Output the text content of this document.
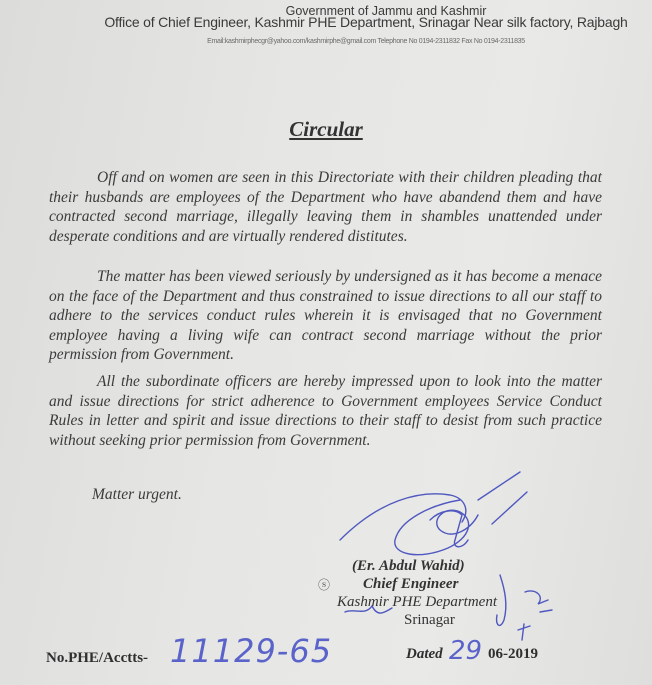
Government of Jammu and Kashmir
Office of Chief Engineer, Kashmir PHE Department, Srinagar Near silk factory, Rajbagh
Email:kashmirphecgr@yahoo.com/kashmirphe@gmail.com Telephone No 0194-2311832 Fax No 0194-2311835
Circular

Off and on women are seen in this Directoriate with their children pleading that their husbands are employees of the Department who have abandend them and have contracted second marriage, illegally leaving them in shambles unattended under desperate conditions and are virtually rendered distitutes.

The matter has been viewed seriously by undersigned as it has become a menace on the face of the Department and thus constrained to issue directions to all our staff to adhere to the services conduct rules wherein it is envisaged that no Government employee having a living wife can contract second marriage without the prior permission from Government.

All the subordinate officers are hereby impressed upon to look into the matter and issue directions for strict adherence to Government employees Service Conduct Rules in letter and spirit and issue directions to their staff to desist from such practice without seeking prior permission from Government.

Matter urgent.
ⓢ
(Er. Abdul Wahid)
Chief Engineer
Kashmir PHE Department
Srinagar
No.PHE/Acctts- 11129-65	Dated 29 06-2019
